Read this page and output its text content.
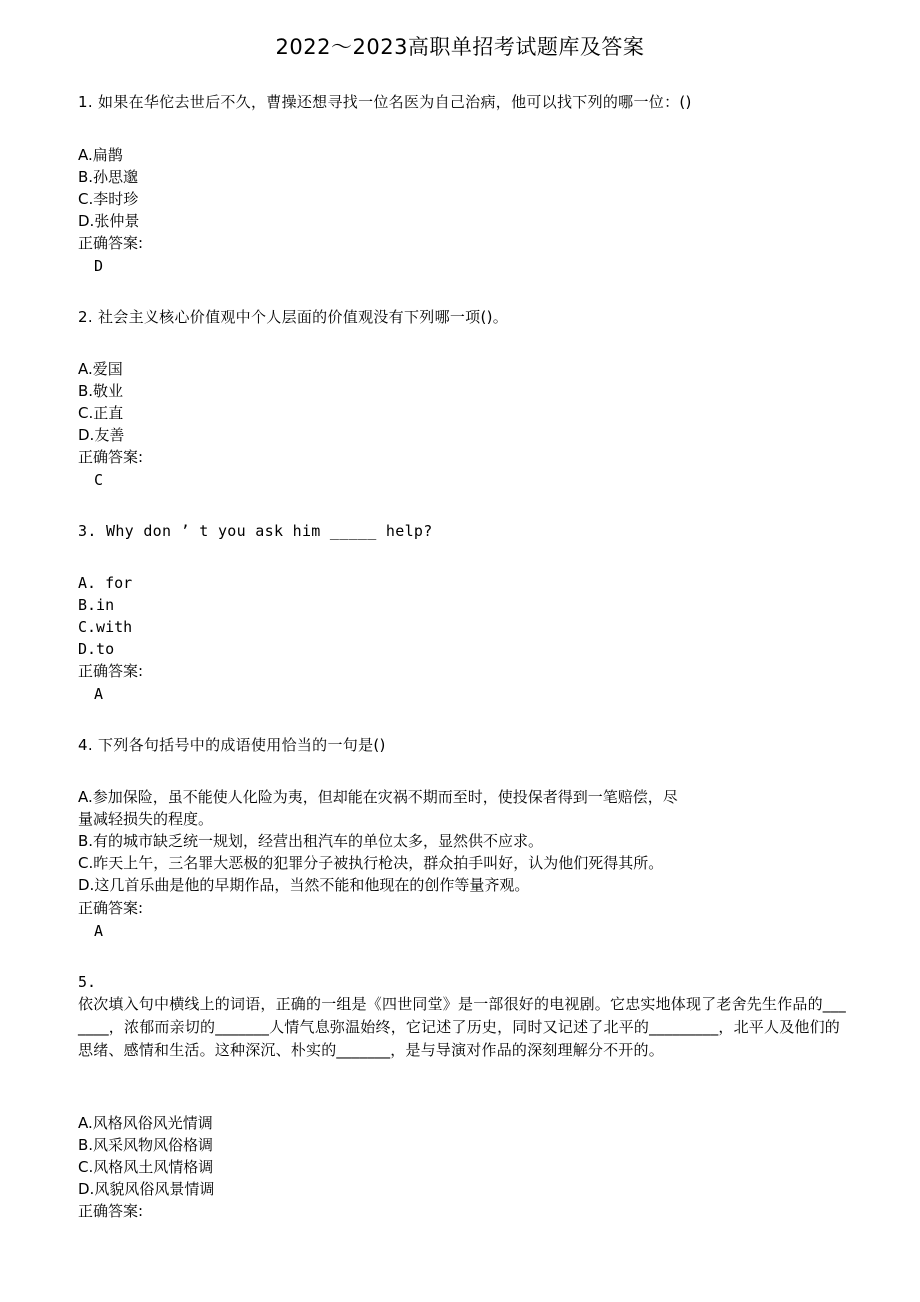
2022～2023高职单招考试题库及答案
1. 如果在华佗去世后不久，曹操还想寻找一位名医为自己治病，他可以找下列的哪一位：()
A.扁鹊
B.孙思邈
C.李时珍
D.张仲景
正确答案:
D
2. 社会主义核心价值观中个人层面的价值观没有下列哪一项()。
A.爱国
B.敬业
C.正直
D.友善
正确答案:
C
3. Why don ’ t you ask him _____ help?
A. for
B.in
C.with
D.to
正确答案:
A
4. 下列各句括号中的成语使用恰当的一句是()
A.参加保险，虽不能使人化险为夷，但却能在灾祸不期而至时，使投保者得到一笔赔偿，尽
量减轻损失的程度。
B.有的城市缺乏统一规划，经营出租汽车的单位太多，显然供不应求。
C.昨天上午，三名罪大恶极的犯罪分子被执行枪决，群众拍手叫好，认为他们死得其所。
D.这几首乐曲是他的早期作品，当然不能和他现在的创作等量齐观。
正确答案:
A
5.
依次填入句中横线上的词语，正确的一组是《四世同堂》是一部很好的电视剧。它忠实地体现了老舍先生作品的_______，浓郁而亲切的_______人情气息弥温始终，它记述了历史，同时又记述了北平的_________，北平人及他们的思绪、感情和生活。这种深沉、朴实的_______，是与导演对作品的深刻理解分不开的。
A.风格风俗风光情调
B.风采风物风俗格调
C.风格风土风情格调
D.风貌风俗风景情调
正确答案:
